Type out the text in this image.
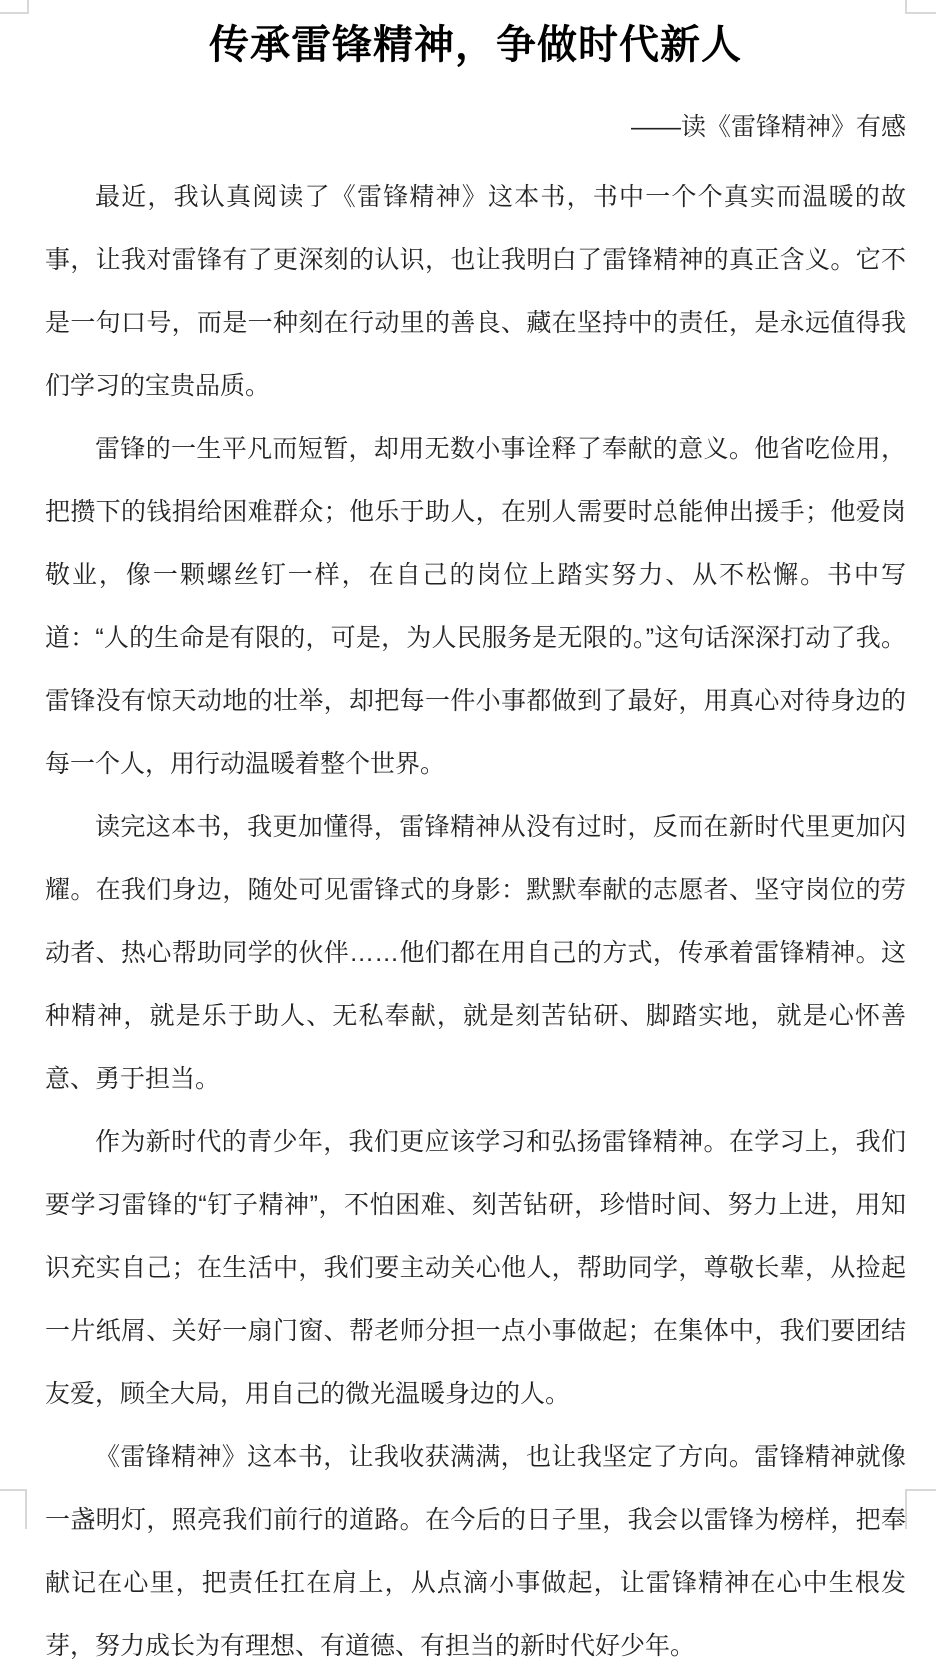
传承雷锋精神，争做时代新人
——读《雷锋精神》有感

最近，我认真阅读了《雷锋精神》这本书，书中一个个真实而温暖的故事，让我对雷锋有了更深刻的认识，也让我明白了雷锋精神的真正含义。它不是一句口号，而是一种刻在行动里的善良、藏在坚持中的责任，是永远值得我们学习的宝贵品质。

雷锋的一生平凡而短暂，却用无数小事诠释了奉献的意义。他省吃俭用，把攒下的钱捐给困难群众；他乐于助人，在别人需要时总能伸出援手；他爱岗敬业，像一颗螺丝钉一样，在自己的岗位上踏实努力、从不松懈。书中写道：“人的生命是有限的，可是，为人民服务是无限的。”这句话深深打动了我。雷锋没有惊天动地的壮举，却把每一件小事都做到了最好，用真心对待身边的每一个人，用行动温暖着整个世界。

读完这本书，我更加懂得，雷锋精神从没有过时，反而在新时代里更加闪耀。在我们身边，随处可见雷锋式的身影：默默奉献的志愿者、坚守岗位的劳动者、热心帮助同学的伙伴……他们都在用自己的方式，传承着雷锋精神。这种精神，就是乐于助人、无私奉献，就是刻苦钻研、脚踏实地，就是心怀善意、勇于担当。

作为新时代的青少年，我们更应该学习和弘扬雷锋精神。在学习上，我们要学习雷锋的“钉子精神”，不怕困难、刻苦钻研，珍惜时间、努力上进，用知识充实自己；在生活中，我们要主动关心他人，帮助同学，尊敬长辈，从捡起一片纸屑、关好一扇门窗、帮老师分担一点小事做起；在集体中，我们要团结友爱，顾全大局，用自己的微光温暖身边的人。

《雷锋精神》这本书，让我收获满满，也让我坚定了方向。雷锋精神就像一盏明灯，照亮我们前行的道路。在今后的日子里，我会以雷锋为榜样，把奉献记在心里，把责任扛在肩上，从点滴小事做起，让雷锋精神在心中生根发芽，努力成长为有理想、有道德、有担当的新时代好少年。
